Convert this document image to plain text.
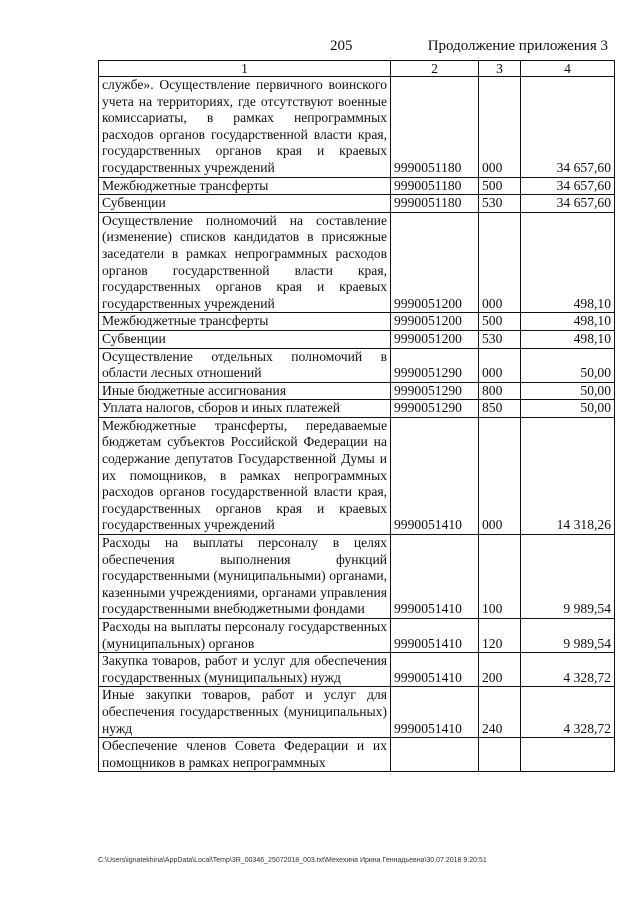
205	Продолжение приложения 3
1	2	3	4
службе». Осуществление первичного воинского учета на территориях, где отсутствуют военные комиссариаты, в рамках непрограммных расходов органов государственной власти края, государственных органов края и краевых государственных учреждений	9990051180	000	34 657,60
Межбюджетные трансферты	9990051180	500	34 657,60
Субвенции	9990051180	530	34 657,60
Осуществление полномочий на составление (изменение) списков кандидатов в присяжные заседатели в рамках непрограммных расходов органов государственной власти края, государственных органов края и краевых государственных учреждений	9990051200	000	498,10
Межбюджетные трансферты	9990051200	500	498,10
Субвенции	9990051200	530	498,10
Осуществление отдельных полномочий в области лесных отношений	9990051290	000	50,00
Иные бюджетные ассигнования	9990051290	800	50,00
Уплата налогов, сборов и иных платежей	9990051290	850	50,00
Межбюджетные трансферты, передаваемые бюджетам субъектов Российской Федерации на содержание депутатов Государственной Думы и их помощников, в рамках непрограммных расходов органов государственной власти края, государственных органов края и краевых государственных учреждений	9990051410	000	14 318,26
Расходы на выплаты персоналу в целях обеспечения выполнения функций государственными (муниципальными) органами, казенными учреждениями, органами управления государственными внебюджетными фондами	9990051410	100	9 989,54
Расходы на выплаты персоналу государственных (муниципальных) органов	9990051410	120	9 989,54
Закупка товаров, работ и услуг для обеспечения государственных (муниципальных) нужд	9990051410	200	4 328,72
Иные закупки товаров, работ и услуг для обеспечения государственных (муниципальных) нужд	9990051410	240	4 328,72
Обеспечение членов Совета Федерации и их помощников в рамках непрограммных			
C:\Users\ignatekhina\AppData\Local\Temp\3R_00346_25072018_003.txt\Мехехина Ирина Геннадьевна\30.07.2018 9:20:51
